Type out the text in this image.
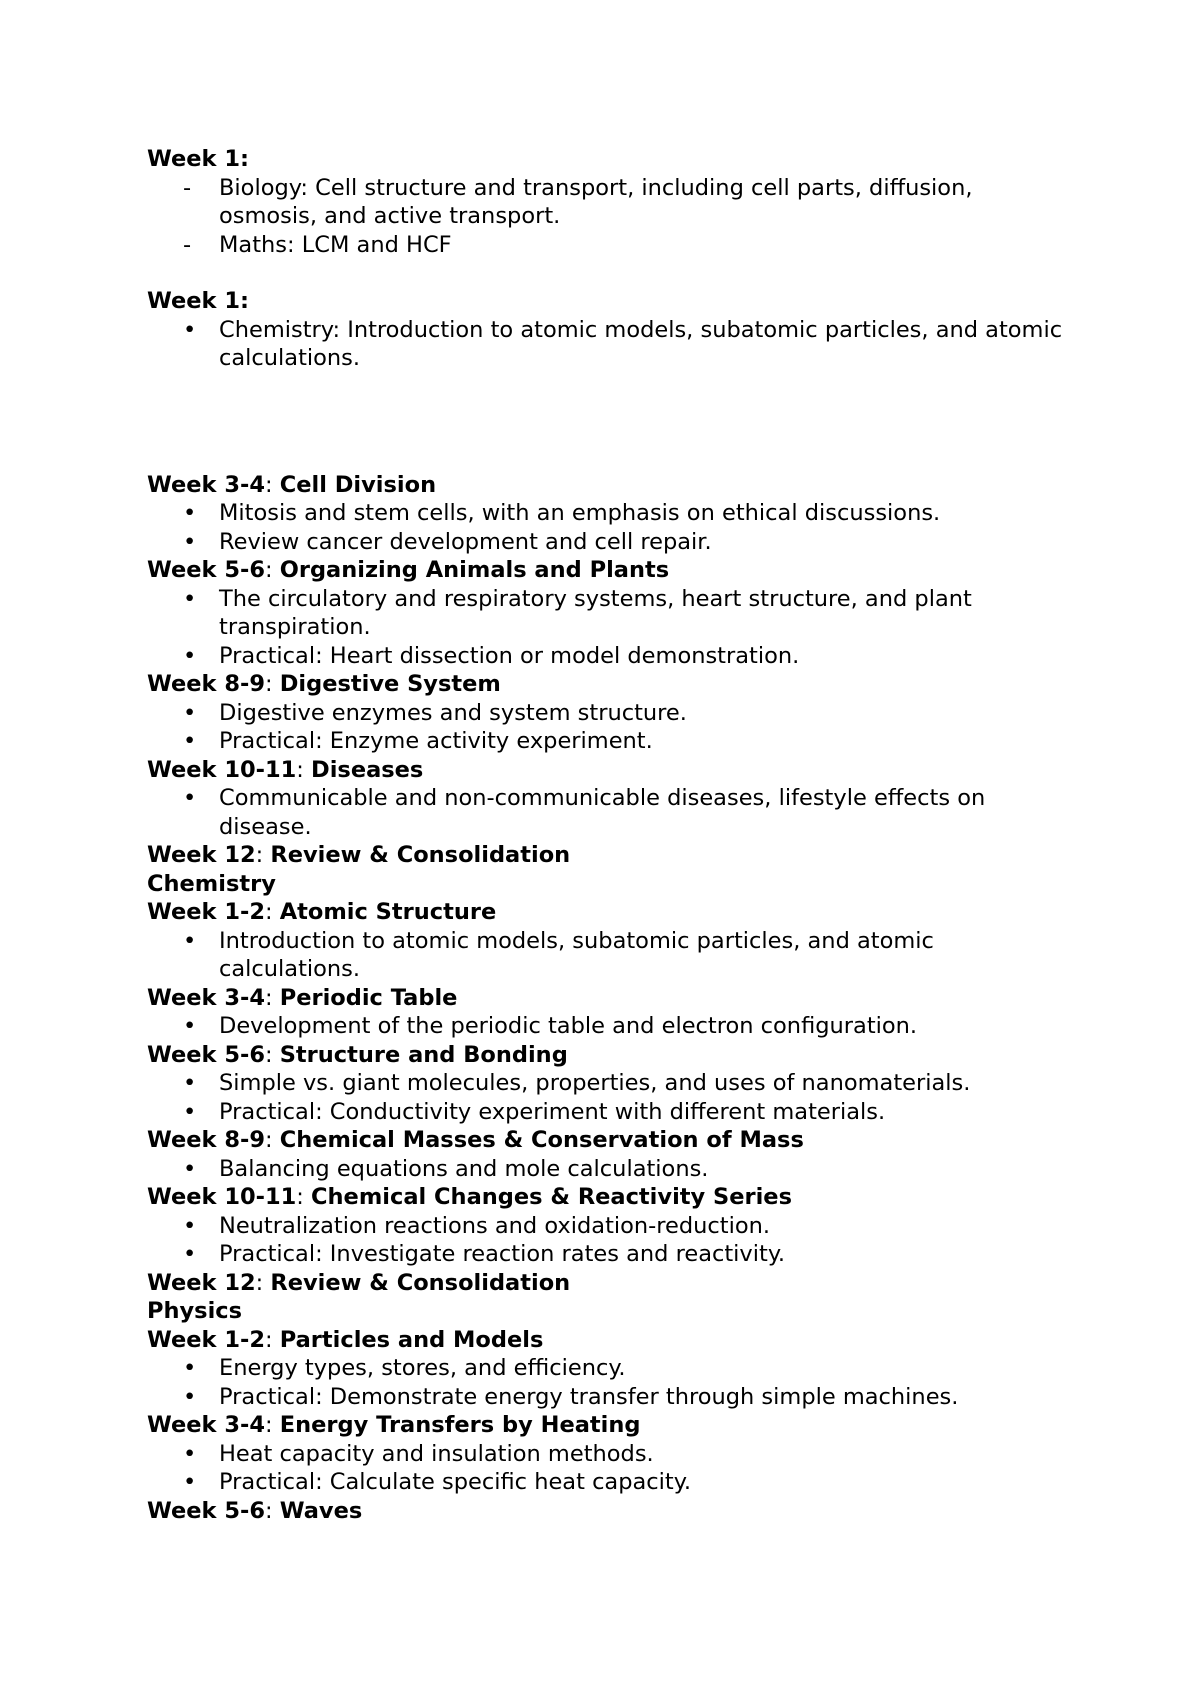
Week 1:
-	Biology: Cell structure and transport, including cell parts, diffusion, osmosis, and active transport.
-	Maths: LCM and HCF
Week 1:
• Chemistry: Introduction to atomic models, subatomic particles, and atomic calculations.
Week 3-4: Cell Division
• Mitosis and stem cells, with an emphasis on ethical discussions.
• Review cancer development and cell repair.
Week 5-6: Organizing Animals and Plants
• The circulatory and respiratory systems, heart structure, and plant transpiration.
• Practical: Heart dissection or model demonstration.
Week 8-9: Digestive System
• Digestive enzymes and system structure.
• Practical: Enzyme activity experiment.
Week 10-11: Diseases
• Communicable and non-communicable diseases, lifestyle effects on disease.
Week 12: Review & Consolidation
Chemistry
Week 1-2: Atomic Structure
• Introduction to atomic models, subatomic particles, and atomic calculations.
Week 3-4: Periodic Table
• Development of the periodic table and electron configuration.
Week 5-6: Structure and Bonding
• Simple vs. giant molecules, properties, and uses of nanomaterials.
• Practical: Conductivity experiment with different materials.
Week 8-9: Chemical Masses & Conservation of Mass
• Balancing equations and mole calculations.
Week 10-11: Chemical Changes & Reactivity Series
• Neutralization reactions and oxidation-reduction.
• Practical: Investigate reaction rates and reactivity.
Week 12: Review & Consolidation
Physics
Week 1-2: Particles and Models
• Energy types, stores, and efficiency.
• Practical: Demonstrate energy transfer through simple machines.
Week 3-4: Energy Transfers by Heating
• Heat capacity and insulation methods.
• Practical: Calculate specific heat capacity.
Week 5-6: Waves
